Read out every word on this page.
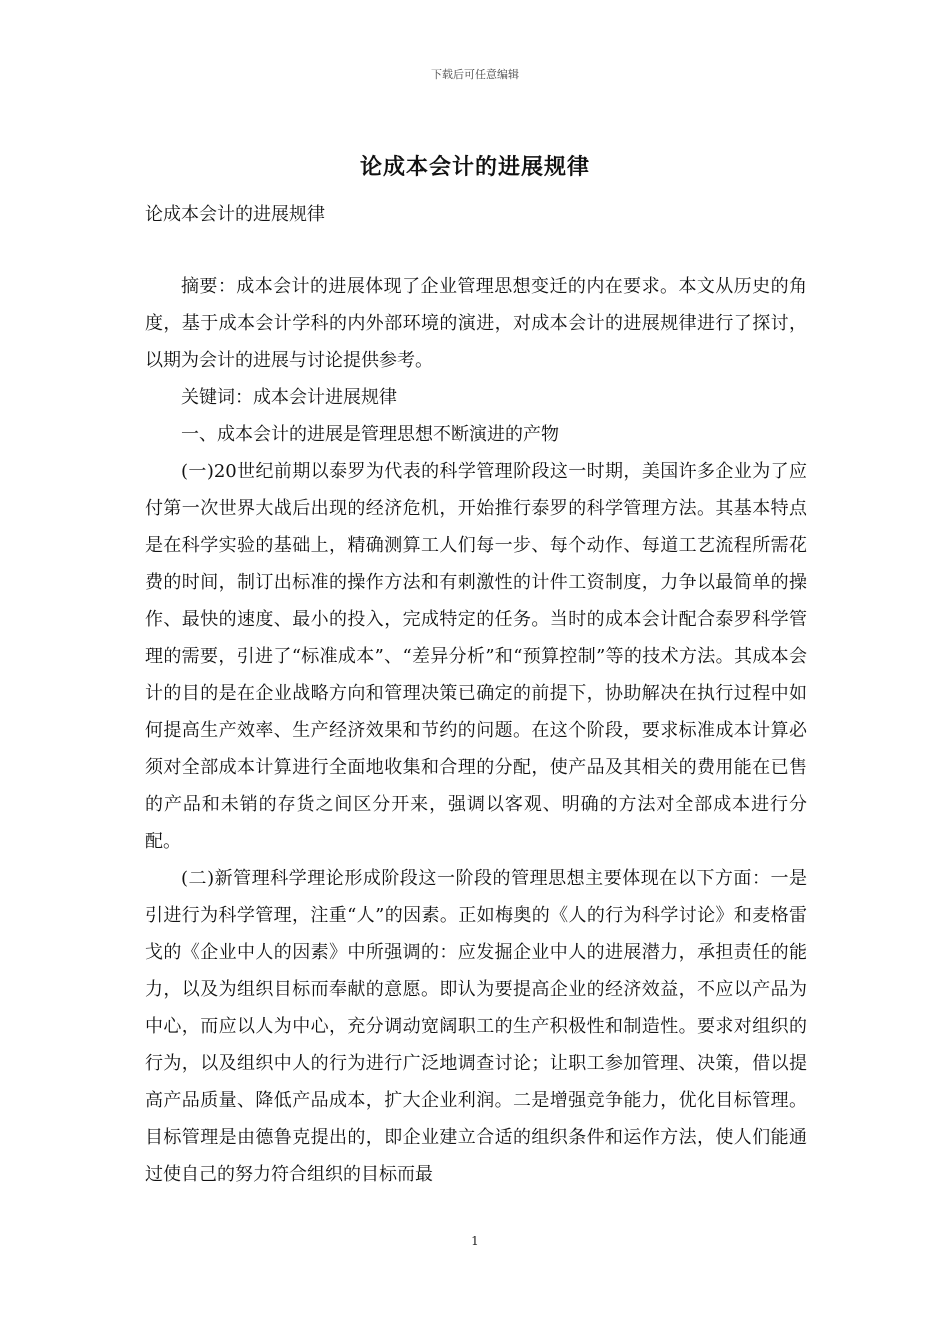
下载后可任意编辑
论成本会计的进展规律
论成本会计的进展规律

摘要：成本会计的进展体现了企业管理思想变迁的内在要求。本文从历史的角度，基于成本会计学科的内外部环境的演进，对成本会计的进展规律进行了探讨，以期为会计的进展与讨论提供参考。

关键词：成本会计进展规律

一、成本会计的进展是管理思想不断演进的产物

(一)20世纪前期以泰罗为代表的科学管理阶段这一时期，美国许多企业为了应付第一次世界大战后出现的经济危机，开始推行泰罗的科学管理方法。其基本特点是在科学实验的基础上，精确测算工人们每一步、每个动作、每道工艺流程所需花费的时间，制订出标准的操作方法和有刺激性的计件工资制度，力争以最简单的操作、最快的速度、最小的投入，完成特定的任务。当时的成本会计配合泰罗科学管理的需要，引进了“标准成本”、“差异分析”和“预算控制”等的技术方法。其成本会计的目的是在企业战略方向和管理决策已确定的前提下，协助解决在执行过程中如何提高生产效率、生产经济效果和节约的问题。在这个阶段，要求标准成本计算必须对全部成本计算进行全面地收集和合理的分配，使产品及其相关的费用能在已售的产品和未销的存货之间区分开来，强调以客观、明确的方法对全部成本进行分配。

(二)新管理科学理论形成阶段这一阶段的管理思想主要体现在以下方面：一是引进行为科学管理，注重“人”的因素。正如梅奥的《人的行为科学讨论》和麦格雷戈的《企业中人的因素》中所强调的：应发掘企业中人的进展潜力，承担责任的能力，以及为组织目标而奉献的意愿。即认为要提高企业的经济效益，不应以产品为中心，而应以人为中心，充分调动宽阔职工的生产积极性和制造性。要求对组织的行为，以及组织中人的行为进行广泛地调查讨论；让职工参加管理、决策，借以提高产品质量、降低产品成本，扩大企业利润。二是增强竞争能力，优化目标管理。目标管理是由德鲁克提出的，即企业建立合适的组织条件和运作方法，使人们能通过使自己的努力符合组织的目标而最

1
